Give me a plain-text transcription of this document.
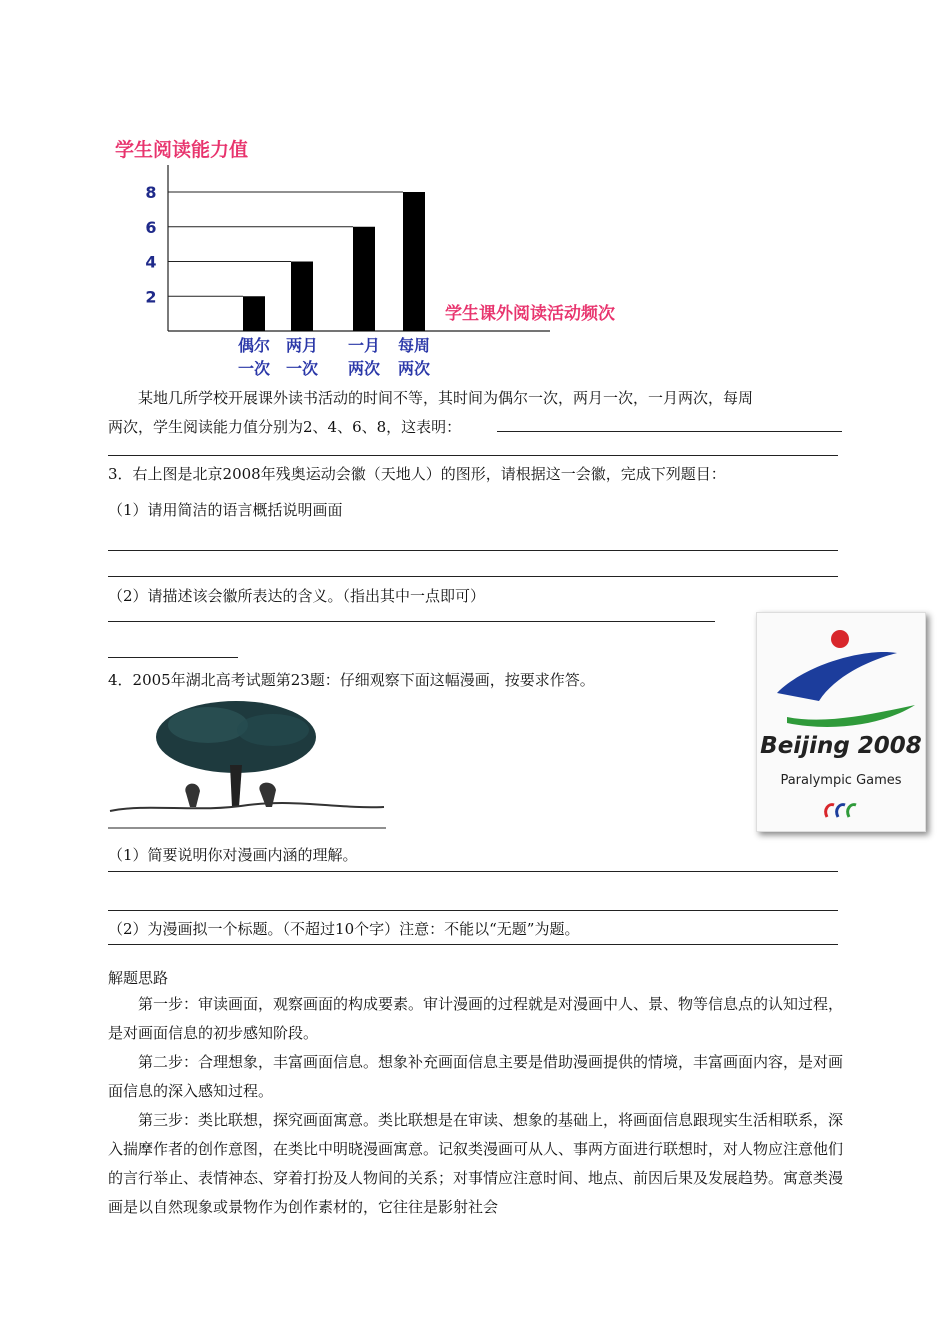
学生阅读能力值
偶尔
一次
两月
一次
一月
两次
每周
两次
2
4
6
8
学生课外阅读活动频次
某地几所学校开展课外读书活动的时间不等，其时间为偶尔一次，两月一次，一月两次，每周
两次，学生阅读能力值分别为2、4、6、8，这表明：
3．右上图是北京2008年残奥运动会徽（天地人）的图形，请根据这一会徽，完成下列题目：
（1）请用简洁的语言概括说明画面
（2）请描述该会徽所表达的含义。（指出其中一点即可）
Beijing 2008
Paralympic Games
4．2005年湖北高考试题第23题：仔细观察下面这幅漫画，按要求作答。
（1）简要说明你对漫画内涵的理解。
（2）为漫画拟一个标题。（不超过10个字）注意：不能以“无题”为题。
解题思路
第一步：审读画面，观察画面的构成要素。审计漫画的过程就是对漫画中人、景、物等信息点的认知过程，是对画面信息的初步感知阶段。
第二步：合理想象，丰富画面信息。想象补充画面信息主要是借助漫画提供的情境，丰富画面内容，是对画面信息的深入感知过程。
第三步：类比联想，探究画面寓意。类比联想是在审读、想象的基础上，将画面信息跟现实生活相联系，深入揣摩作者的创作意图，在类比中明晓漫画寓意。记叙类漫画可从人、事两方面进行联想时，对人物应注意他们的言行举止、表情神态、穿着打扮及人物间的关系；对事情应注意时间、地点、前因后果及发展趋势。寓意类漫画是以自然现象或景物作为创作素材的，它往往是影射社会
